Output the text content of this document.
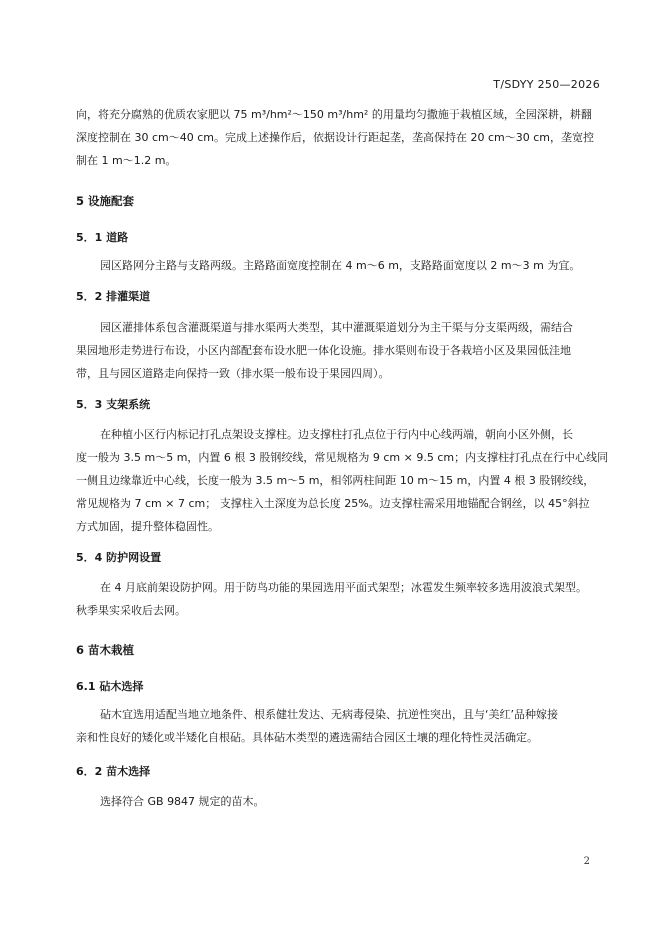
T/SDYY 250—2026
向，将充分腐熟的优质农家肥以 75 m³/hm²～150 m³/hm² 的用量均匀撒施于栽植区域，全园深耕，耕翻
深度控制在 30 cm～40 cm。完成上述操作后，依据设计行距起垄，垄高保持在 20 cm～30 cm，垄宽控
制在 1 m～1.2 m。
5 设施配套
5．1 道路
园区路网分主路与支路两级。主路路面宽度控制在 4 m～6 m，支路路面宽度以 2 m～3 m 为宜。
5．2 排灌渠道
园区灌排体系包含灌溉渠道与排水渠两大类型，其中灌溉渠道划分为主干渠与分支渠两级，需结合
果园地形走势进行布设，小区内部配套布设水肥一体化设施。排水渠则布设于各栽培小区及果园低洼地
带，且与园区道路走向保持一致（排水渠一般布设于果园四周）。
5．3 支架系统
在种植小区行内标记打孔点架设支撑柱。边支撑柱打孔点位于行内中心线两端，朝向小区外侧，长
度一般为 3.5 m～5 m，内置 6 根 3 股钢绞线，常见规格为 9 cm × 9.5 cm；内支撑柱打孔点在行中心线同
一侧且边缘靠近中心线，长度一般为 3.5 m～5 m，相邻两柱间距 10 m～15 m，内置 4 根 3 股钢绞线，
常见规格为 7 cm × 7 cm； 支撑柱入土深度为总长度 25%。边支撑柱需采用地锚配合钢丝，以 45°斜拉
方式加固，提升整体稳固性。
5．4 防护网设置
在 4 月底前架设防护网。用于防鸟功能的果园选用平面式架型；冰雹发生频率较多选用波浪式架型。
秋季果实采收后去网。
6 苗木栽植
6.1 砧木选择
砧木宜选用适配当地立地条件、根系健壮发达、无病毒侵染、抗逆性突出，且与‘美红’品种嫁接
亲和性良好的矮化或半矮化自根砧。具体砧木类型的遴选需结合园区土壤的理化特性灵活确定。
6．2 苗木选择
选择符合 GB 9847 规定的苗木。
2
